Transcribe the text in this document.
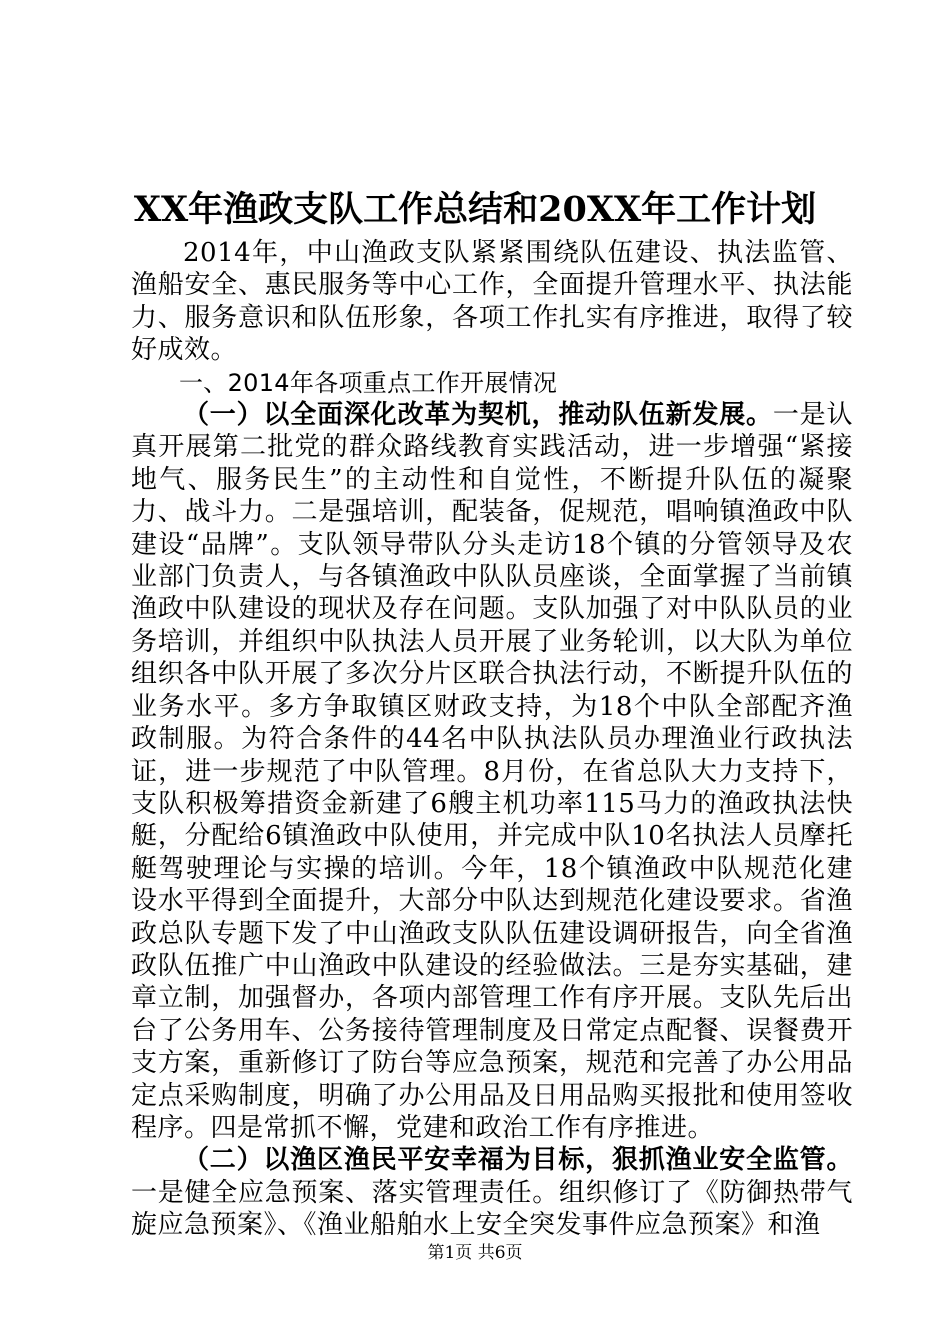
XX年渔政支队工作总结和20XX年工作计划

2014年，中山渔政支队紧紧围绕队伍建设、执法监管、渔船安全、惠民服务等中心工作，全面提升管理水平、执法能力、服务意识和队伍形象，各项工作扎实有序推进，取得了较好成效。

一、2014年各项重点工作开展情况

（一）以全面深化改革为契机，推动队伍新发展。一是认真开展第二批党的群众路线教育实践活动，进一步增强“紧接地气、服务民生”的主动性和自觉性，不断提升队伍的凝聚力、战斗力。二是强培训，配装备，促规范，唱响镇渔政中队建设“品牌”。支队领导带队分头走访18个镇的分管领导及农业部门负责人，与各镇渔政中队队员座谈，全面掌握了当前镇渔政中队建设的现状及存在问题。支队加强了对中队队员的业务培训，并组织中队执法人员开展了业务轮训，以大队为单位组织各中队开展了多次分片区联合执法行动，不断提升队伍的业务水平。多方争取镇区财政支持，为18个中队全部配齐渔政制服。为符合条件的44名中队执法队员办理渔业行政执法证，进一步规范了中队管理。8月份，在省总队大力支持下，支队积极筹措资金新建了6艘主机功率115马力的渔政执法快艇，分配给6镇渔政中队使用，并完成中队10名执法人员摩托艇驾驶理论与实操的培训。今年，18个镇渔政中队规范化建设水平得到全面提升，大部分中队达到规范化建设要求。省渔政总队专题下发了中山渔政支队队伍建设调研报告，向全省渔政队伍推广中山渔政中队建设的经验做法。三是夯实基础，建章立制，加强督办，各项内部管理工作有序开展。支队先后出台了公务用车、公务接待管理制度及日常定点配餐、误餐费开支方案，重新修订了防台等应急预案，规范和完善了办公用品定点采购制度，明确了办公用品及日用品购买报批和使用签收程序。四是常抓不懈，党建和政治工作有序推进。

（二）以渔区渔民平安幸福为目标，狠抓渔业安全监管。一是健全应急预案、落实管理责任。组织修订了《防御热带气旋应急预案》、《渔业船舶水上安全突发事件应急预案》和渔

第1页 共6页
